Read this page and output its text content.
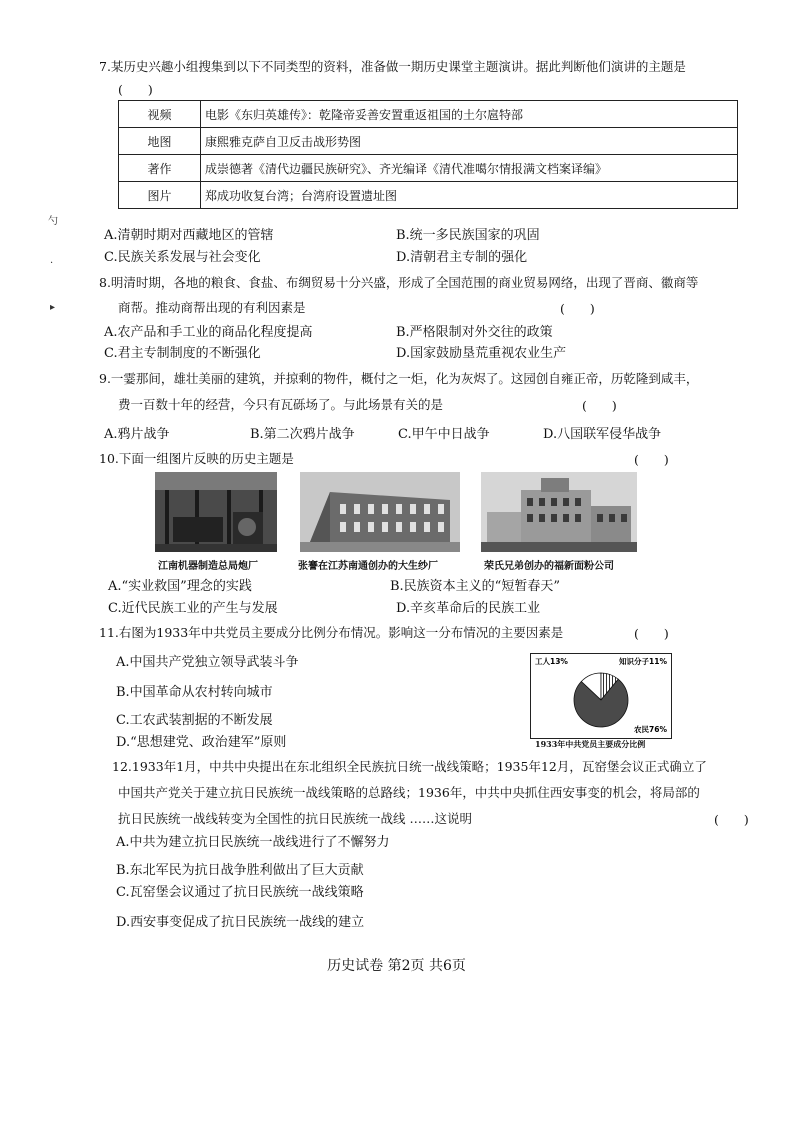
7.某历史兴趣小组搜集到以下不同类型的资料，准备做一期历史课堂主题演讲。据此判断他们演讲的主题是
(　　)
视频	电影《东归英雄传》：乾隆帝妥善安置重返祖国的土尔扈特部
地图	康熙雅克萨自卫反击战形势图
著作	成崇德著《清代边疆民族研究》、齐光编译《清代准噶尔情报满文档案译编》
图片	郑成功收复台湾；台湾府设置遗址图
勺
·
▸
A.清朝时期对西藏地区的管辖	B.统一多民族国家的巩固
C.民族关系发展与社会变化	D.清朝君主专制的强化
8.明清时期，各地的粮食、食盐、布绸贸易十分兴盛，形成了全国范围的商业贸易网络，出现了晋商、徽商等
商帮。推动商帮出现的有利因素是	(　　)
A.农产品和手工业的商品化程度提高	B.严格限制对外交往的政策
C.君主专制制度的不断强化	D.国家鼓励垦荒重视农业生产
9.一霎那间，雄壮美丽的建筑，并掠剩的物件，概付之一炬，化为灰烬了。这园创自雍正帝，历乾隆到咸丰，
费一百数十年的经营，今只有瓦砾场了。与此场景有关的是	(　　)
A.鸦片战争	B.第二次鸦片战争	C.甲午中日战争	D.八国联军侵华战争
10.下面一组图片反映的历史主题是	(　　)
江南机器制造总局炮厂	张謇在江苏南通创办的大生纱厂	荣氏兄弟创办的福新面粉公司
A.“实业救国”理念的实践	B.民族资本主义的“短暂春天”
C.近代民族工业的产生与发展	D.辛亥革命后的民族工业
11.右图为1933年中共党员主要成分比例分布情况。影响这一分布情况的主要因素是	(　　)
A.中国共产党独立领导武装斗争
B.中国革命从农村转向城市
C.工农武装割据的不断发展
D.“思想建党、政治建军”原则
工人13%	知识分子11%
农民76%
1933年中共党员主要成分比例
12.1933年1月，中共中央提出在东北组织全民族抗日统一战线策略；1935年12月，瓦窑堡会议正式确立了
中国共产党关于建立抗日民族统一战线策略的总路线；1936年，中共中央抓住西安事变的机会，将局部的
抗日民族统一战线转变为全国性的抗日民族统一战线 ……这说明	(　　)
A.中共为建立抗日民族统一战线进行了不懈努力
B.东北军民为抗日战争胜利做出了巨大贡献
C.瓦窑堡会议通过了抗日民族统一战线策略
D.西安事变促成了抗日民族统一战线的建立
历史试卷 第2页 共6页
